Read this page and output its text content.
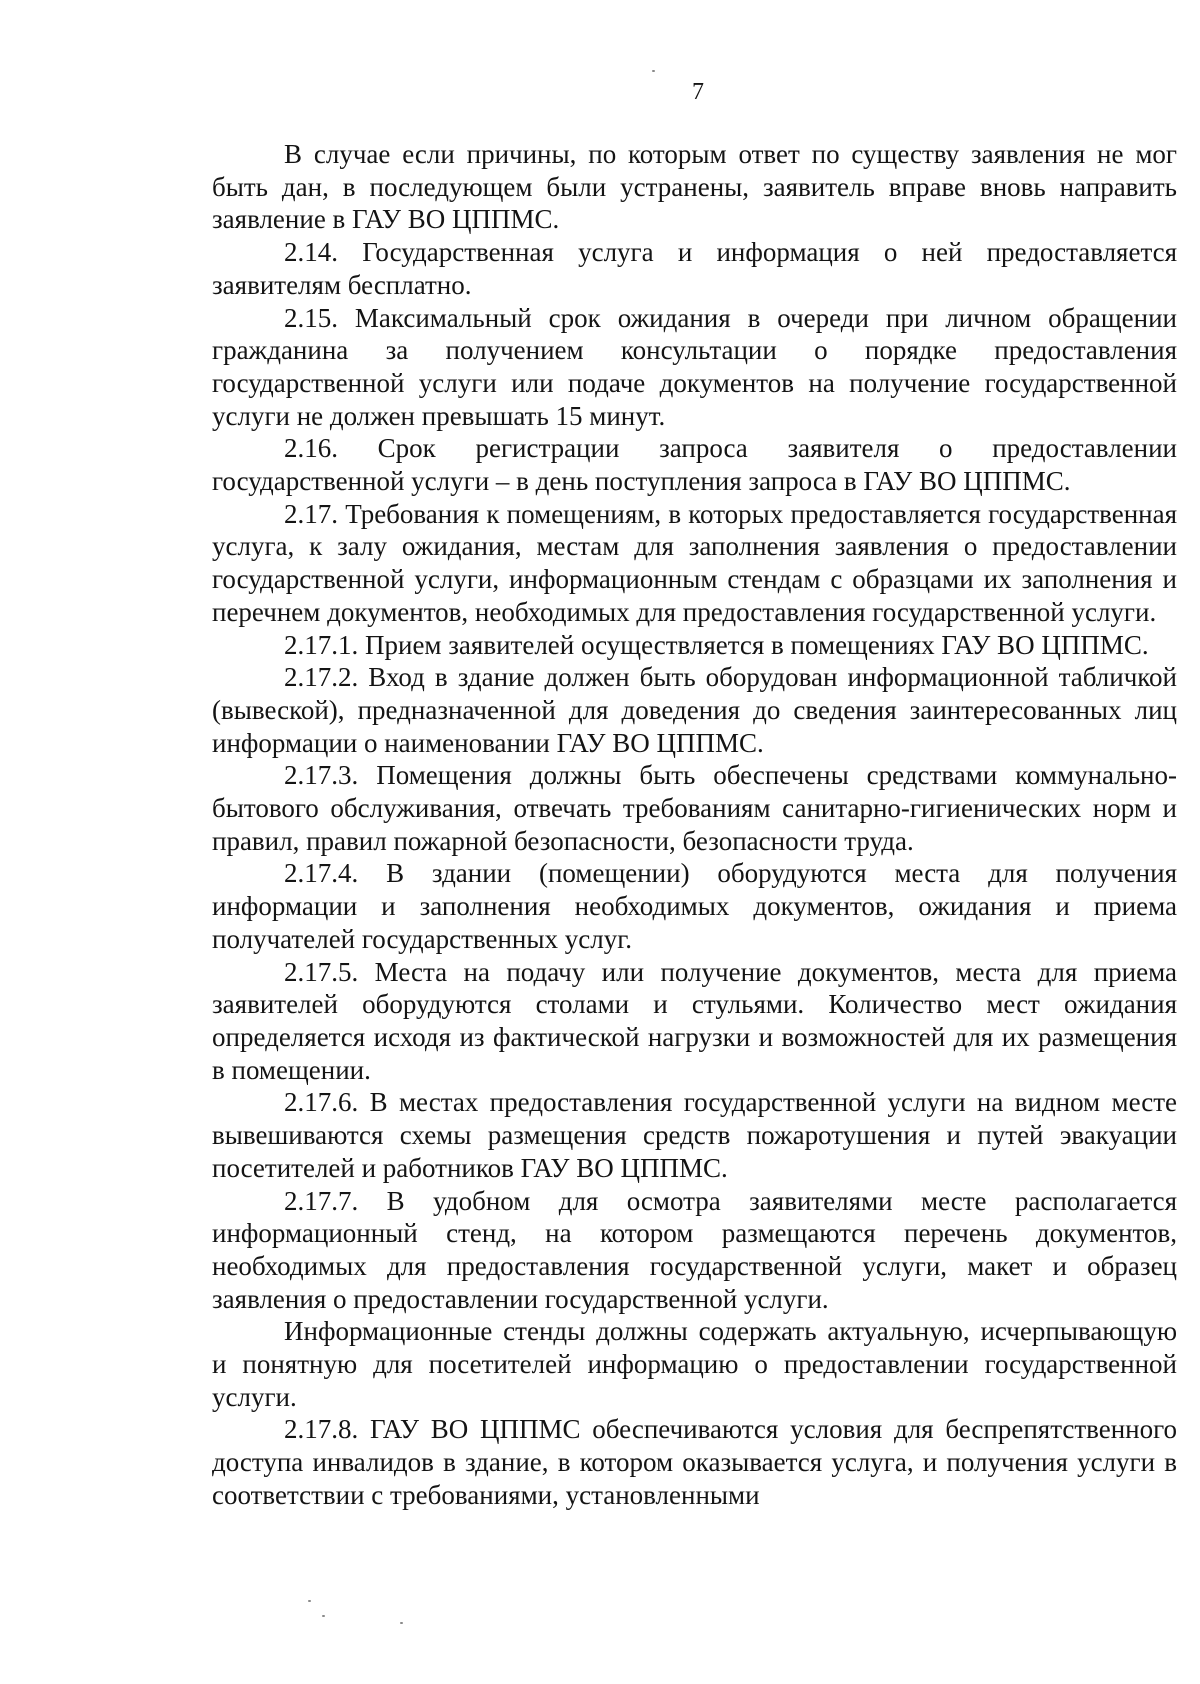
7

В случае если причины, по которым ответ по существу заявления не мог быть дан, в последующем были устранены, заявитель вправе вновь направить заявление в ГАУ ВО ЦППМС.

2.14. Государственная услуга и информация о ней предоставляется заявителям бесплатно.

2.15. Максимальный срок ожидания в очереди при личном обращении гражданина за получением консультации о порядке предоставления государственной услуги или подаче документов на получение государственной услуги не должен превышать 15 минут.

2.16. Срок регистрации запроса заявителя о предоставлении государственной услуги – в день поступления запроса в ГАУ ВО ЦППМС.

2.17. Требования к помещениям, в которых предоставляется государственная услуга, к залу ожидания, местам для заполнения заявления о предоставлении государственной услуги, информационным стендам с образцами их заполнения и перечнем документов, необходимых для предоставления государственной услуги.

2.17.1. Прием заявителей осуществляется в помещениях ГАУ ВО ЦППМС.

2.17.2. Вход в здание должен быть оборудован информационной табличкой (вывеской), предназначенной для доведения до сведения заинтересованных лиц информации о наименовании ГАУ ВО ЦППМС.

2.17.3. Помещения должны быть обеспечены средствами коммунально-бытового обслуживания, отвечать требованиям санитарно-гигиенических норм и правил, правил пожарной безопасности, безопасности труда.

2.17.4. В здании (помещении) оборудуются места для получения информации и заполнения необходимых документов, ожидания и приема получателей государственных услуг.

2.17.5. Места на подачу или получение документов, места для приема заявителей оборудуются столами и стульями. Количество мест ожидания определяется исходя из фактической нагрузки и возможностей для их размещения в помещении.

2.17.6. В местах предоставления государственной услуги на видном месте вывешиваются схемы размещения средств пожаротушения и путей эвакуации посетителей и работников ГАУ ВО ЦППМС.

2.17.7. В удобном для осмотра заявителями месте располагается информационный стенд, на котором размещаются перечень документов, необходимых для предоставления государственной услуги, макет и образец заявления о предоставлении государственной услуги.

Информационные стенды должны содержать актуальную, исчерпывающую и понятную для посетителей информацию о предоставлении государственной услуги.

2.17.8. ГАУ ВО ЦППМС обеспечиваются условия для беспрепятственного доступа инвалидов в здание, в котором оказывается услуга, и получения услуги в соответствии с требованиями, установленными
